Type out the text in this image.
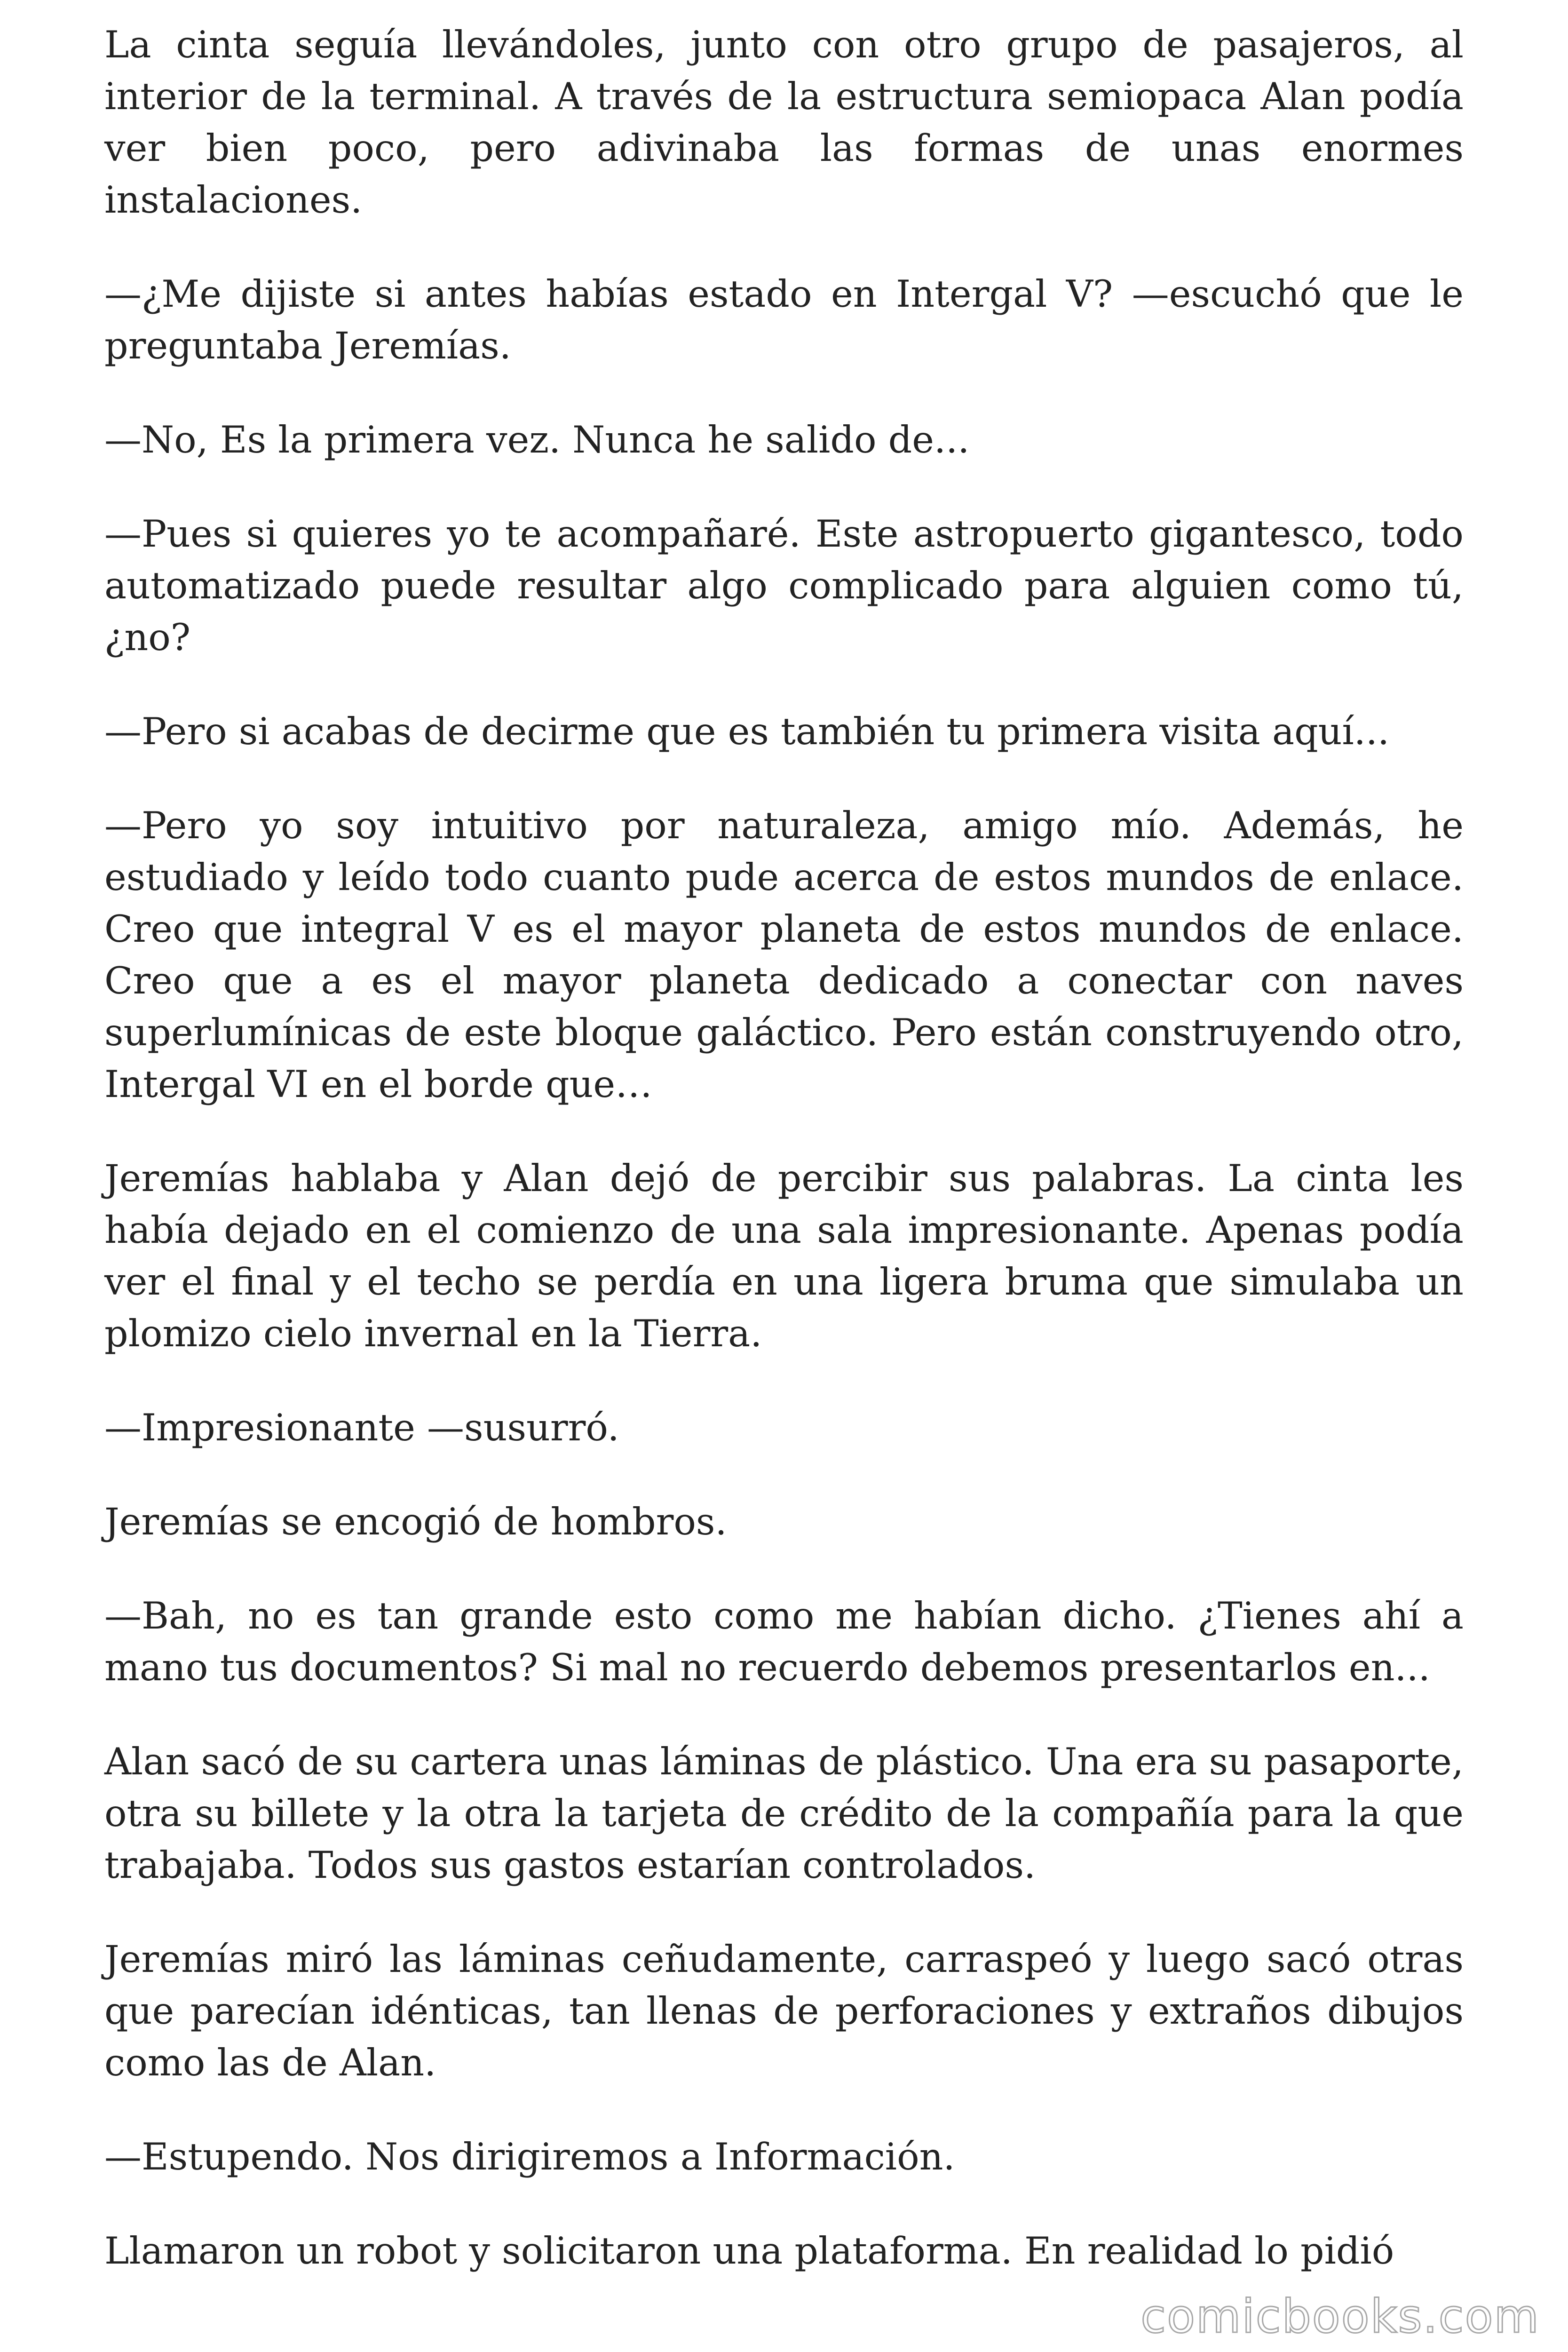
La cinta seguía llevándoles, junto con otro grupo de pasajeros, al interior de la terminal. A través de la estructura semiopaca Alan podía ver bien poco, pero adivinaba las formas de unas enormes instalaciones.

—¿Me dijiste si antes habías estado en Intergal V? —escuchó que le preguntaba Jeremías.

—No, Es la primera vez. Nunca he salido de...

—Pues si quieres yo te acompañaré. Este astropuerto gigantesco, todo automatizado puede resultar algo complicado para alguien como tú, ¿no?

—Pero si acabas de decirme que es también tu primera visita aquí...

—Pero yo soy intuitivo por naturaleza, amigo mío. Además, he estudiado y leído todo cuanto pude acerca de estos mundos de enlace. Creo que integral V es el mayor planeta de estos mundos de enlace. Creo que a es el mayor planeta dedicado a conectar con naves superlumínicas de este bloque galáctico. Pero están construyendo otro, Intergal VI en el borde que…

Jeremías hablaba y Alan dejó de percibir sus palabras. La cinta les había dejado en el comienzo de una sala impresionante. Apenas podía ver el final y el techo se perdía en una ligera bruma que simulaba un plomizo cielo invernal en la Tierra.

—Impresionante —susurró.

Jeremías se encogió de hombros.

—Bah, no es tan grande esto como me habían dicho. ¿Tienes ahí a mano tus documentos? Si mal no recuerdo debemos presentarlos en...

Alan sacó de su cartera unas láminas de plástico. Una era su pasaporte, otra su billete y la otra la tarjeta de crédito de la compañía para la que trabajaba. Todos sus gastos estarían controlados.

Jeremías miró las láminas ceñudamente, carraspeó y luego sacó otras que parecían idénticas, tan llenas de perforaciones y extraños dibujos como las de Alan.

—Estupendo. Nos dirigiremos a Información.

Llamaron un robot y solicitaron una plataforma. En realidad lo pidió

comicbooks.com
